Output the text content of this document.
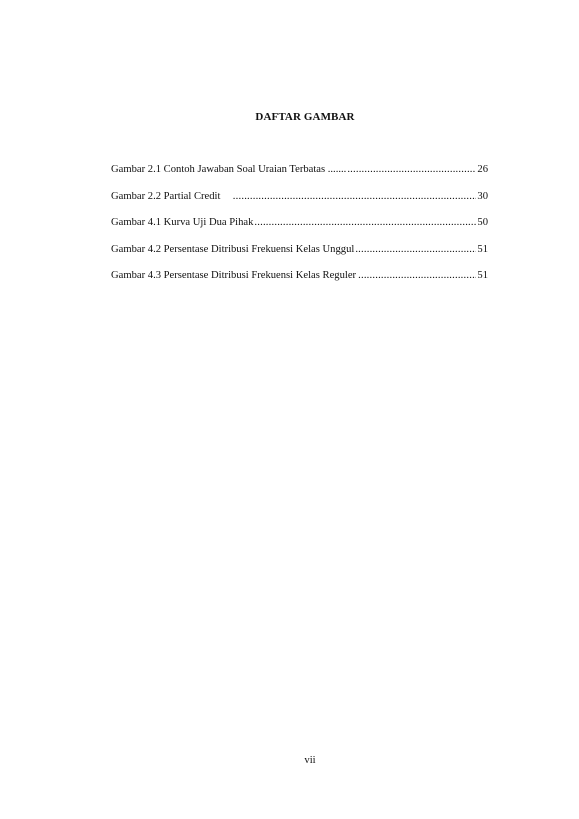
DAFTAR GAMBAR
Gambar 2.1 Contoh Jawaban Soal Uraian Terbatas ....... .....	26
Gambar 2.2 Partial Credit .....	30
Gambar 4.1 Kurva Uji Dua Pihak .....	50
Gambar 4.2 Persentase Ditribusi Frekuensi Kelas Unggul .....	51
Gambar 4.3 Persentase Ditribusi Frekuensi Kelas Reguler .....	51
vii
